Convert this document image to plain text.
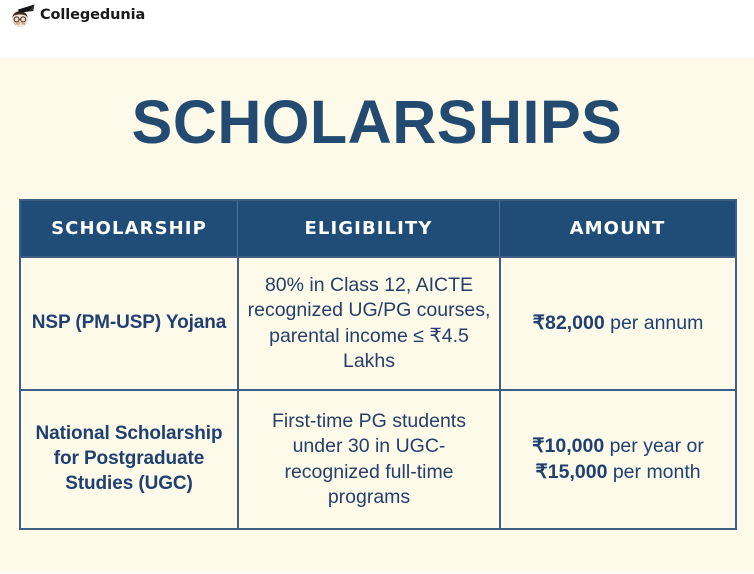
dunia Collegedunia
SCHOLARSHIPS
SCHOLARSHIP	ELIGIBILITY	AMOUNT
NSP (PM-USP) Yojana
80% in Class 12, AICTE recognized UG/PG courses, parental income ≤ ₹4.5 Lakhs
₹82,000 per annum
National Scholarship for Postgraduate Studies (UGC)
First-time PG students under 30 in UGC-recognized full-time programs
₹10,000 per year or
₹15,000 per month
